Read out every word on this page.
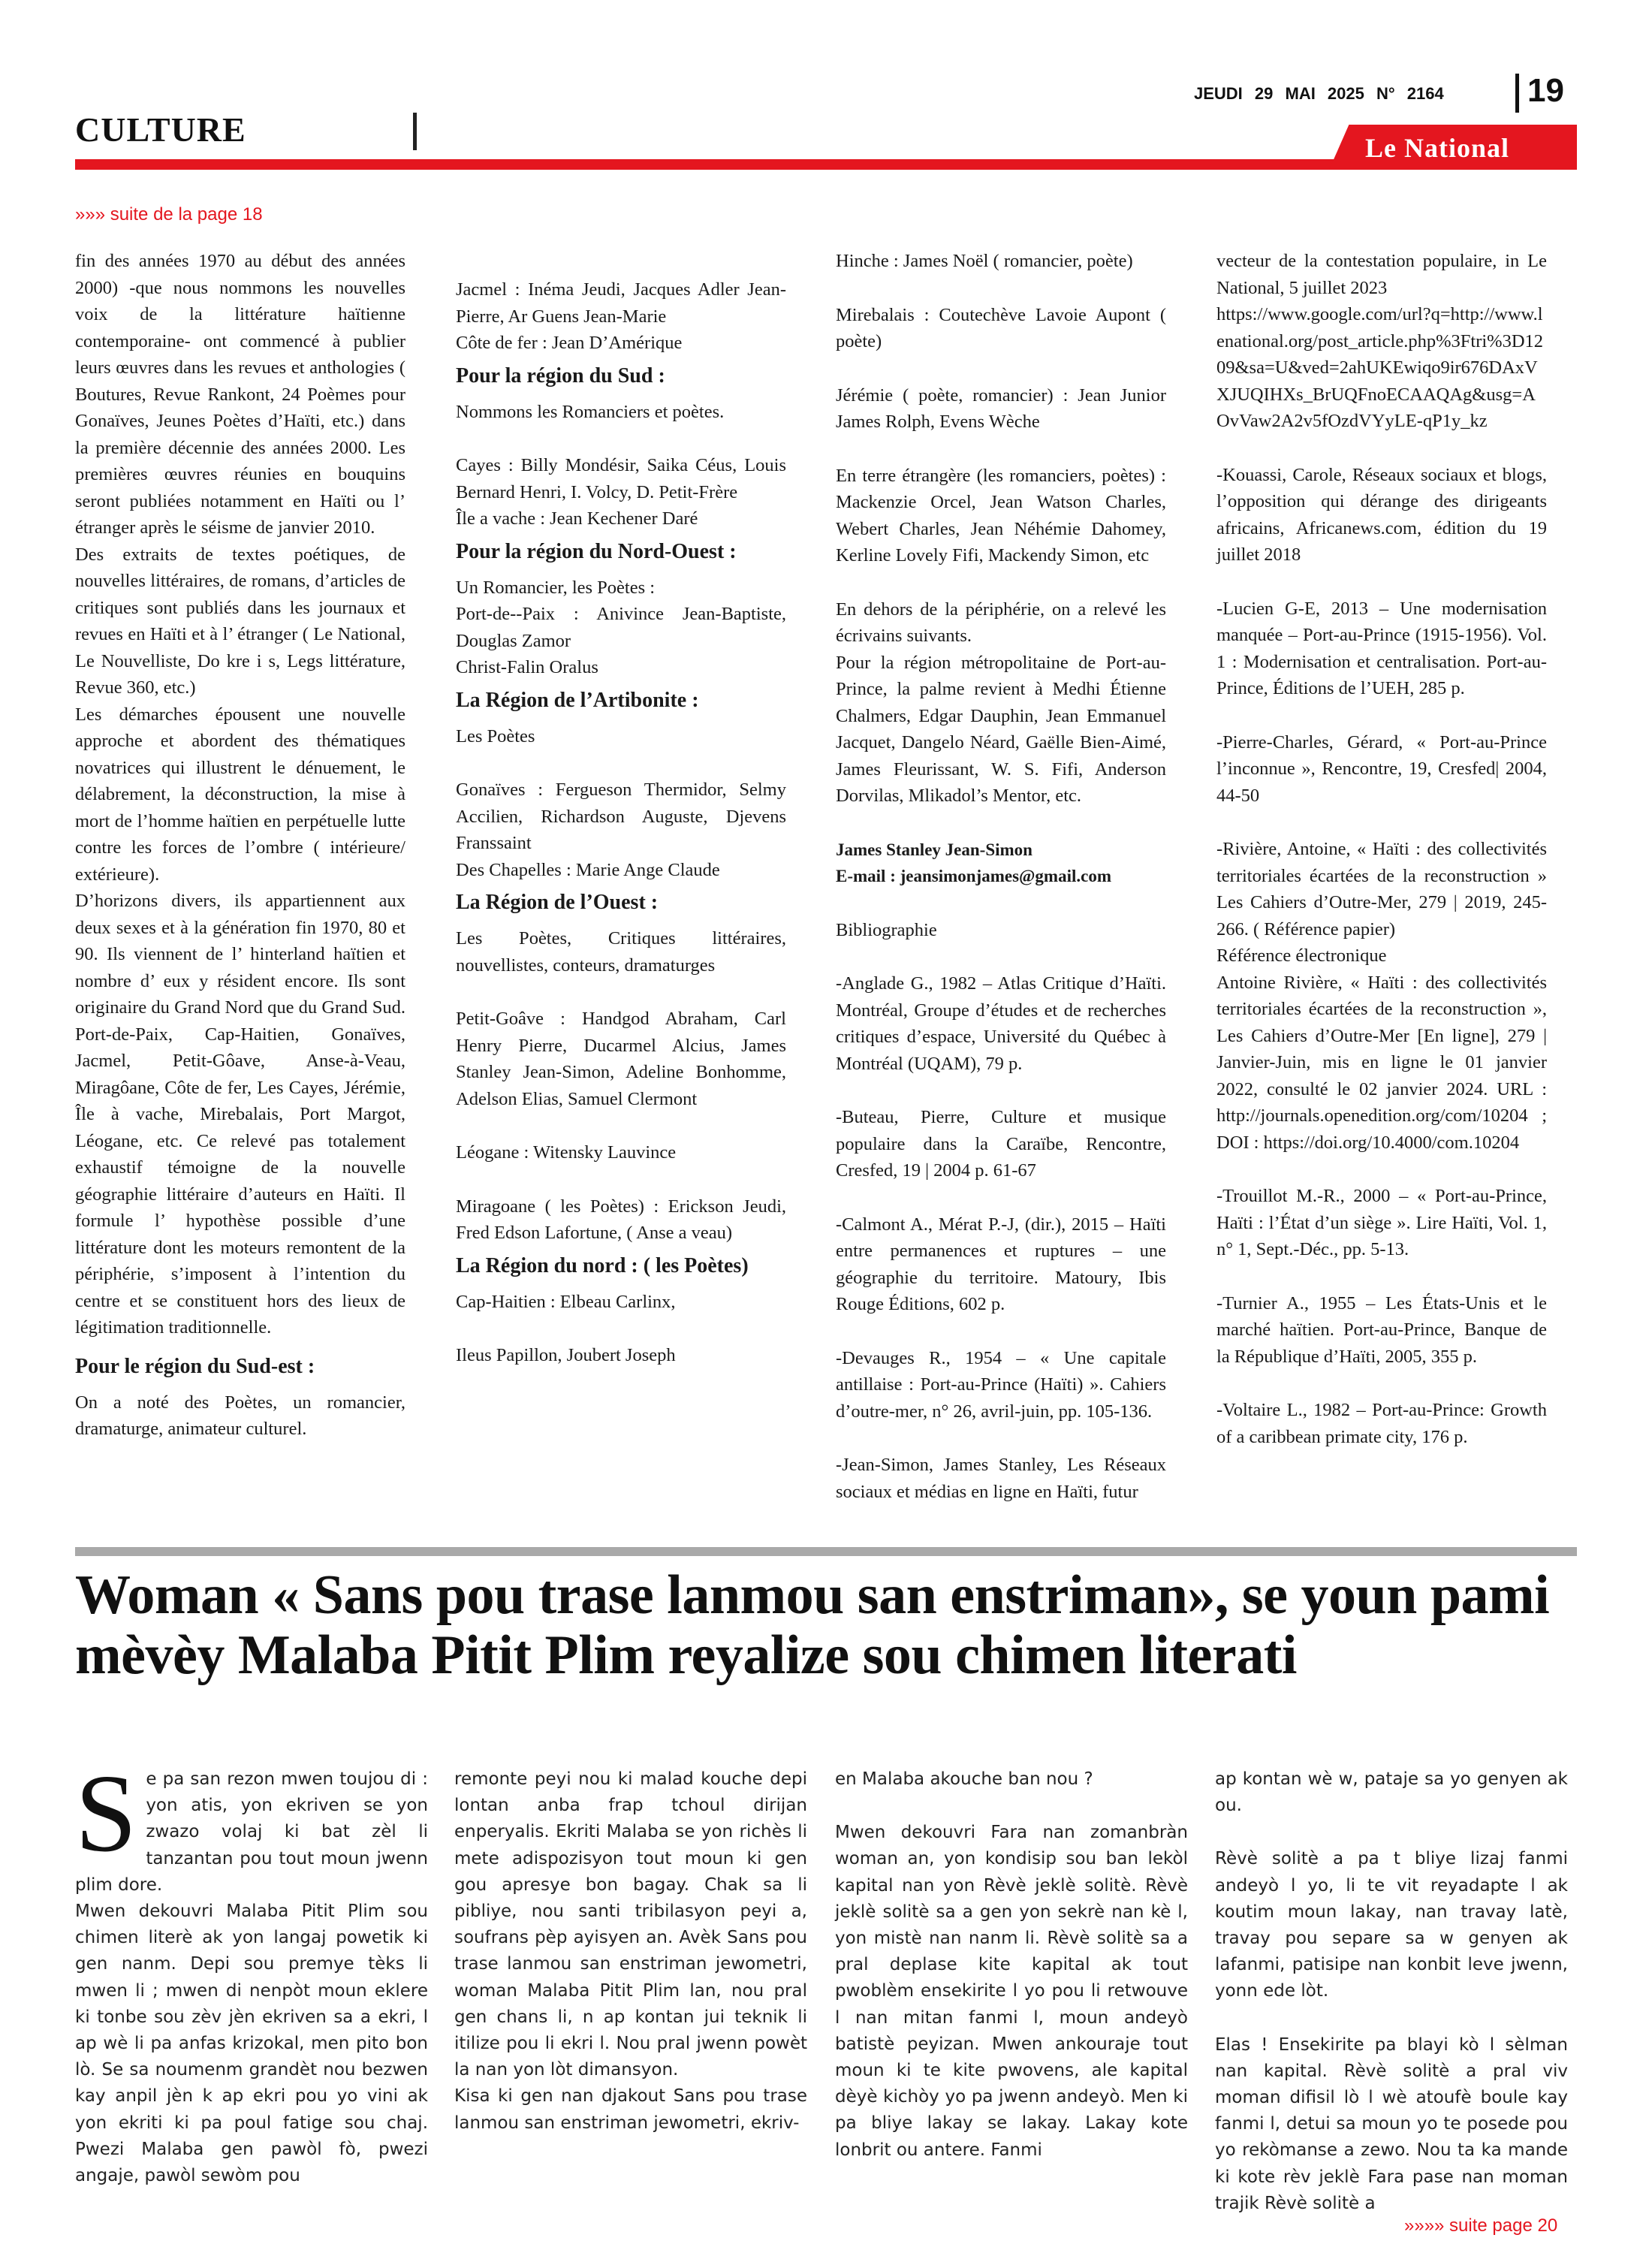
CULTURE
JEUDI 29 MAI 2025 N° 2164	19
Le National
»»» suite de la page 18

fin des années 1970 au début des années 2000) -que nous nommons les nouvelles voix de la littérature haïtienne contemporaine- ont commencé à publier leurs œuvres dans les revues et anthologies ( Boutures, Revue Rankont, 24 Poèmes pour Gonaïves, Jeunes Poètes d’Haïti, etc.) dans la première décennie des années 2000. Les premières œuvres réunies en bouquins seront publiées notamment en Haïti ou l’ étranger après le séisme de janvier 2010.

Des extraits de textes poétiques, de nouvelles littéraires, de romans, d’articles de critiques sont publiés dans les journaux et revues en Haïti et à l’ étranger ( Le National, Le Nouvelliste, Do kre i s, Legs littérature, Revue 360, etc.)

Les démarches épousent une nouvelle approche et abordent des thématiques novatrices qui illustrent le dénuement, le délabrement, la déconstruction, la mise à mort de l’homme haïtien en perpétuelle lutte contre les forces de l’ombre ( intérieure/ extérieure).

D’horizons divers, ils appartiennent aux deux sexes et à la génération fin 1970, 80 et 90. Ils viennent de l’ hinterland haïtien et nombre d’ eux y résident encore. Ils sont originaire du Grand Nord que du Grand Sud. Port-de-Paix, Cap-Haitien, Gonaïves, Jacmel, Petit-Gôave, Anse-à-Veau, Miragôane, Côte de fer, Les Cayes, Jérémie, Île à vache, Mirebalais, Port Margot, Léogane, etc. Ce relevé pas totalement exhaustif témoigne de la nouvelle géographie littéraire d’auteurs en Haïti. Il formule l’ hypothèse possible d’une littérature dont les moteurs remontent de la périphérie, s’imposent à l’intention du centre et se constituent hors des lieux de légitimation traditionnelle.

Pour le région du Sud-est :

On a noté des Poètes, un romancier, dramaturge, animateur culturel.

Jacmel : Inéma Jeudi, Jacques Adler Jean-Pierre, Ar Guens Jean-Marie

Côte de fer : Jean D’Amérique

Pour la région du Sud :

Nommons les Romanciers et poètes.

Cayes : Billy Mondésir, Saika Céus, Louis Bernard Henri, I. Volcy, D. Petit-Frère

Île a vache : Jean Kechener Daré

Pour la région du Nord-Ouest :

Un Romancier, les Poètes :

Port-de--Paix : Anivince Jean-Baptiste, Douglas Zamor

Christ-Falin Oralus

La Région de l’Artibonite :

Les Poètes

Gonaïves : Fergueson Thermidor, Selmy Accilien, Richardson Auguste, Djevens Franssaint

Des Chapelles : Marie Ange Claude

La Région de l’Ouest :

Les Poètes, Critiques littéraires, nouvellistes, conteurs, dramaturges

Petit-Goâve : Handgod Abraham, Carl Henry Pierre, Ducarmel Alcius, James Stanley Jean-Simon, Adeline Bonhomme, Adelson Elias, Samuel Clermont

Léogane : Witensky Lauvince

Miragoane ( les Poètes) : Erickson Jeudi, Fred Edson Lafortune, ( Anse a veau)

La Région du nord : ( les Poètes)

Cap-Haitien : Elbeau Carlinx,

Ileus Papillon, Joubert Joseph

Hinche : James Noël ( romancier, poète)

Mirebalais : Coutechève Lavoie Aupont ( poète)

Jérémie ( poète, romancier) : Jean Junior James Rolph, Evens Wèche

En terre étrangère (les romanciers, poètes) : Mackenzie Orcel, Jean Watson Charles, Webert Charles, Jean Néhémie Dahomey, Kerline Lovely Fifi, Mackendy Simon, etc

En dehors de la périphérie, on a relevé les écrivains suivants.

Pour la région métropolitaine de Port-au-Prince, la palme revient à Medhi Étienne Chalmers, Edgar Dauphin, Jean Emmanuel Jacquet, Dangelo Néard, Gaëlle Bien-Aimé, James Fleurissant, W. S. Fifi, Anderson Dorvilas, Mlikadol’s Mentor, etc.

James Stanley Jean-Simon

E-mail : jeansimonjames@gmail.com

Bibliographie

-Anglade G., 1982 – Atlas Critique d’Haïti. Montréal, Groupe d’études et de recherches critiques d’espace, Université du Québec à Montréal (UQAM), 79 p.

-Buteau, Pierre, Culture et musique populaire dans la Caraïbe, Rencontre, Cresfed, 19 | 2004 p. 61-67

-Calmont A., Mérat P.-J, (dir.), 2015 – Haïti entre permanences et ruptures – une géographie du territoire. Matoury, Ibis Rouge Éditions, 602 p.

-Devauges R., 1954 – « Une capitale antillaise : Port-au-Prince (Haïti) ». Cahiers d’outre-mer, n° 26, avril-juin, pp. 105-136.

-Jean-Simon, James Stanley, Les Réseaux sociaux et médias en ligne en Haïti, futur

vecteur de la contestation populaire, in Le National, 5 juillet 2023

https://www.google.com/url?q=http://www.lenational.org/post_article.php%3Ftri%3D1209&sa=U&ved=2ahUKEwiqo9ir676DAxVXJUQIHXs_BrUQFnoECAAQAg&usg=AOvVaw2A2v5fOzdVYyLE-qP1y_kz

-Kouassi, Carole, Réseaux sociaux et blogs, l’opposition qui dérange des dirigeants africains, Africanews.com, édition du 19 juillet 2018

-Lucien G-E, 2013 – Une modernisation manquée – Port-au-Prince (1915-1956). Vol. 1 : Modernisation et centralisation. Port-au-Prince, Éditions de l’UEH, 285 p.

-Pierre-Charles, Gérard, « Port-au-Prince l’inconnue », Rencontre, 19, Cresfed| 2004, 44-50

-Rivière, Antoine, « Haïti : des collectivités territoriales écartées de la reconstruction » Les Cahiers d’Outre-Mer, 279 | 2019, 245-266. ( Référence papier)

Référence électronique

Antoine Rivière, « Haïti : des collectivités territoriales écartées de la reconstruction », Les Cahiers d’Outre-Mer [En ligne], 279 | Janvier-Juin, mis en ligne le 01 janvier 2022, consulté le 02 janvier 2024. URL : http://journals.openedition.org/com/10204 ; DOI : https://doi.org/10.4000/com.10204

-Trouillot M.-R., 2000 – « Port-au-Prince, Haïti : l’État d’un siège ». Lire Haïti, Vol. 1, n° 1, Sept.-Déc., pp. 5-13.

-Turnier A., 1955 – Les États-Unis et le marché haïtien. Port-au-Prince, Banque de la République d’Haïti, 2005, 355 p.

-Voltaire L., 1982 – Port-au-Prince: Growth of a caribbean primate city, 176 p.

Woman « Sans pou trase lanmou san enstriman», se youn pami mèvèy Malaba Pitit Plim reyalize sou chimen literati

Se pa san rezon mwen toujou di : yon atis, yon ekriven se yon zwazo volaj ki bat zèl li tanzantan pou tout moun jwenn plim dore.

Mwen dekouvri Malaba Pitit Plim sou chimen literè ak yon langaj powetik ki gen nanm. Depi sou premye tèks li mwen li ; mwen di nenpòt moun eklere ki tonbe sou zèv jèn ekriven sa a ekri, l ap wè li pa anfas krizokal, men pito bon lò. Se sa noumenm grandèt nou bezwen kay anpil jèn k ap ekri pou yo vini ak yon ekriti ki pa poul fatige sou chaj. Pwezi Malaba gen pawòl fò, pwezi angaje, pawòl sewòm pou

remonte peyi nou ki malad kouche depi lontan anba frap tchoul dirijan enperyalis. Ekriti Malaba se yon richès li mete adispozisyon tout moun ki gen gou apresye bon bagay. Chak sa li pibliye, nou santi tribilasyon peyi a, soufrans pèp ayisyen an. Avèk Sans pou trase lanmou san enstriman jewometri, woman Malaba Pitit Plim lan, nou pral gen chans li, n ap kontan jui teknik li itilize pou li ekri l. Nou pral jwenn powèt la nan yon lòt dimansyon.

Kisa ki gen nan djakout Sans pou trase lanmou san enstriman jewometri, ekriv-

en Malaba akouche ban nou ?

Mwen dekouvri Fara nan zomanbràn woman an, yon kondisip sou ban lekòl kapital nan yon Rèvè jeklè solitè. Rèvè jeklè solitè sa a gen yon sekrè nan kè l, yon mistè nan nanm li. Rèvè solitè sa a pral deplase kite kapital ak tout pwoblèm ensekirite l yo pou li retwouve l nan mitan fanmi l, moun andeyò batistè peyizan. Mwen ankouraje tout moun ki te kite pwovens, ale kapital dèyè kichòy yo pa jwenn andeyò. Men ki pa bliye lakay se lakay. Lakay kote lonbrit ou antere. Fanmi

ap kontan wè w, pataje sa yo genyen ak ou.

Rèvè solitè a pa t bliye lizaj fanmi andeyò l yo, li te vit reyadapte l ak koutim moun lakay, nan travay latè, travay pou separe sa w genyen ak lafanmi, patisipe nan konbit leve jwenn, yonn ede lòt.

Elas ! Ensekirite pa blayi kò l sèlman nan kapital. Rèvè solitè a pral viv moman difisil lò l wè atoufè boule kay fanmi l, detui sa moun yo te posede pou yo rekòmanse a zewo. Nou ta ka mande ki kote rèv jeklè Fara pase nan moman trajik Rèvè solitè a

»»»» suite page 20
